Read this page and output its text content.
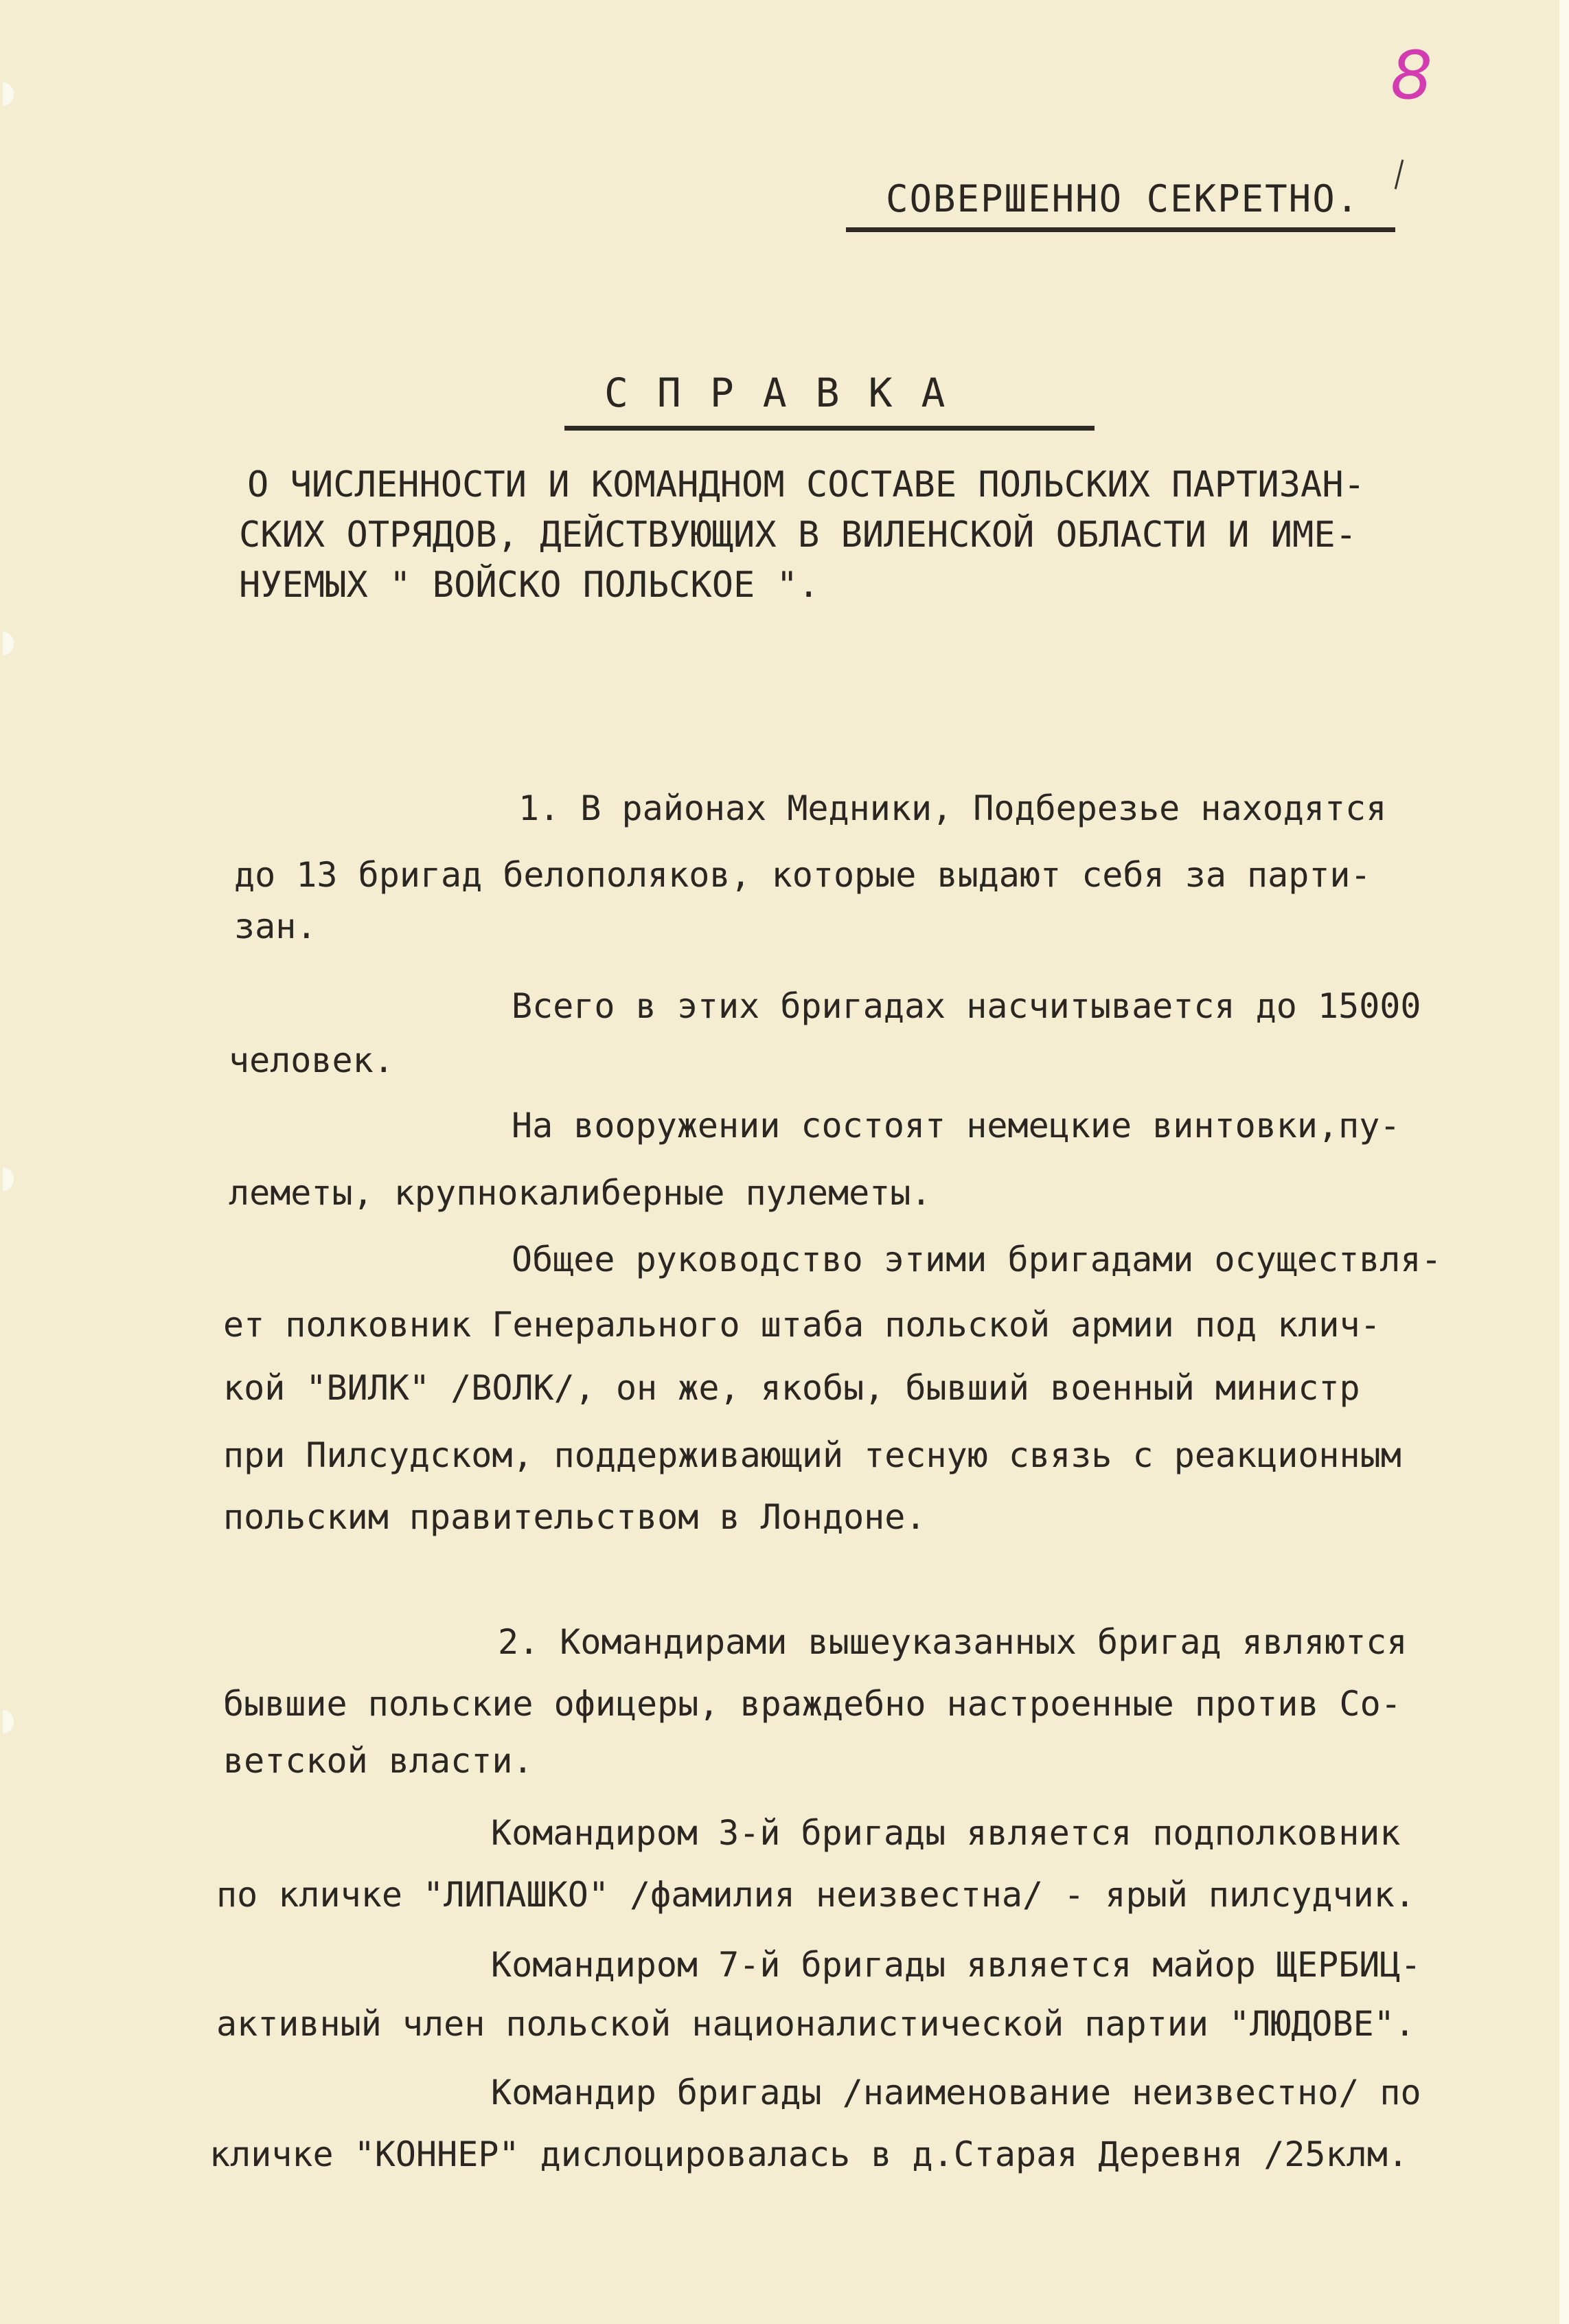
8
СОВЕРШЕННО СЕКРЕТНО.
СПРАВКА
О ЧИСЛЕННОСТИ И КОМАНДНОМ СОСТАВЕ ПОЛЬСКИХ ПАРТИЗАН-
СКИХ ОТРЯДОВ, ДЕЙСТВУЮЩИХ В ВИЛЕНСКОЙ ОБЛАСТИ И ИМЕ-
НУЕМЫХ " ВОЙСКО ПОЛЬСКОЕ ".
1. В районах Медники, Подберезье находятся
до 13 бригад белополяков, которые выдают себя за парти-
зан.
Всего в этих бригадах насчитывается до 15000
человек.
На вооружении состоят немецкие винтовки,пу-
леметы, крупнокалиберные пулеметы.
Общее руководство этими бригадами осуществля-
ет полковник Генерального штаба польской армии под клич-
кой "ВИЛК" /ВОЛК/, он же, якобы, бывший военный министр
при Пилсудском, поддерживающий тесную связь с реакционным
польским правительством в Лондоне.
2. Командирами вышеуказанных бригад являются
бывшие польские офицеры, враждебно настроенные против Со-
ветской власти.
Командиром 3-й бригады является подполковник
по кличке "ЛИПАШКО" /фамилия неизвестна/ - ярый пилсудчик.
Командиром 7-й бригады является майор ЩЕРБИЦ-
активный член польской националистической партии "ЛЮДОВЕ".
Командир бригады /наименование неизвестно/ по
кличке "КОННЕР" дислоцировалась в д.Старая Деревня /25клм.
